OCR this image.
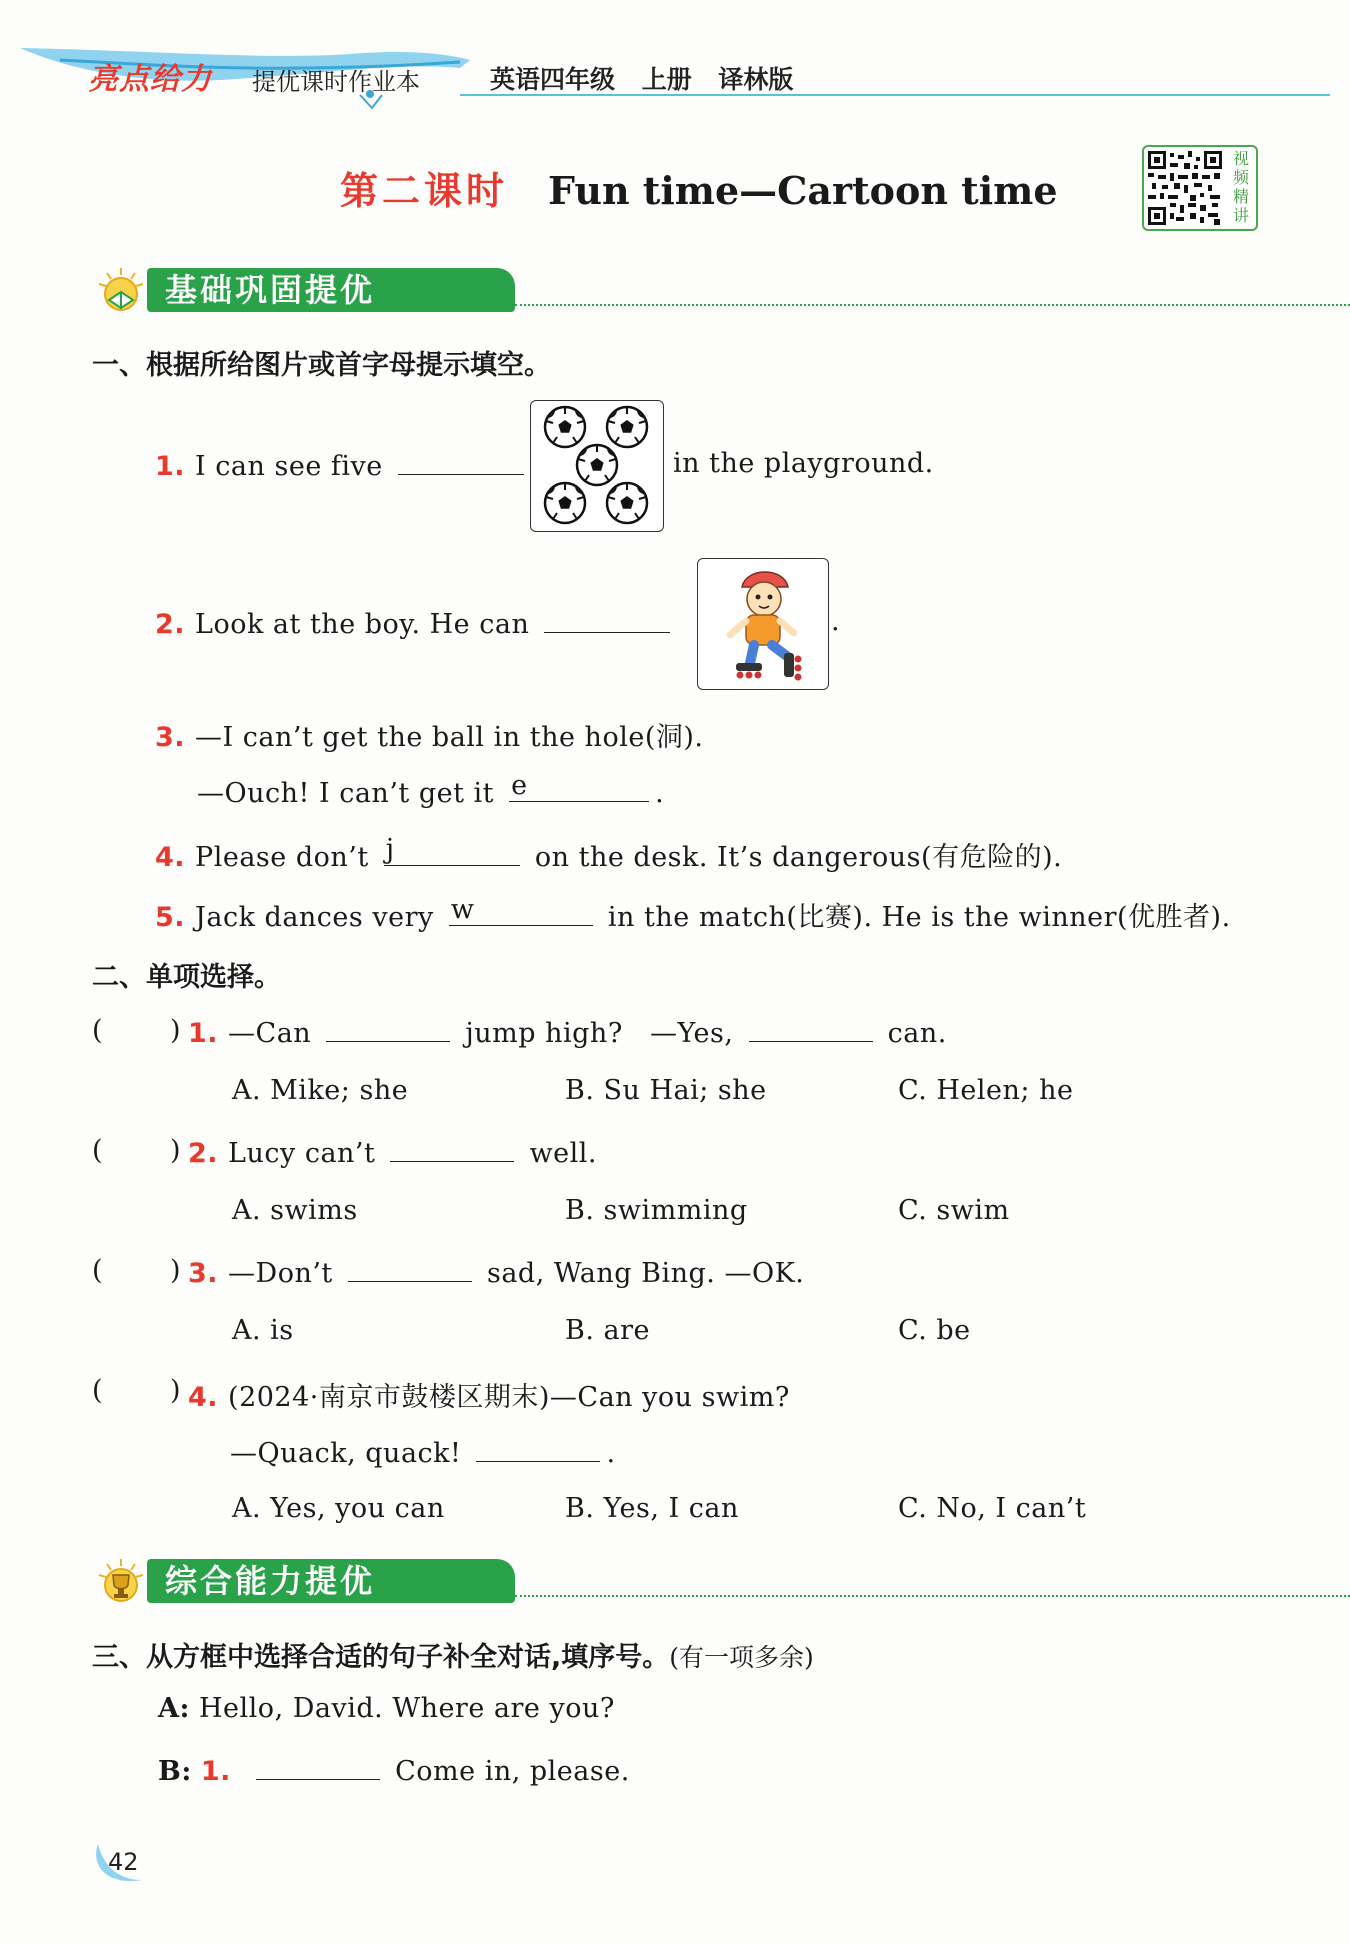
亮点给力 提优课时作业本	英语四年级 上册 译林版
第二课时 Fun time—Cartoon time
视
频
精
讲
基础巩固提优
一、根据所给图片或首字母提示填空。
1. I can see five	in the playground.
2. Look at the boy. He can	.
3. —I can’t get the ball in the hole(洞).
—Ouch! I can’t get it e	.
4. Please don’t j	on the desk. It’s dangerous(有危险的).
5. Jack dances very w	in the match(比赛). He is the winner(优胜者).
二、单项选择。
( ) 1. —Can	jump high? —Yes,	can.
A. Mike; she	B. Su Hai; she	C. Helen; he
( ) 2. Lucy can’t	well.
A. swims	B. swimming	C. swim
( ) 3. —Don’t	sad, Wang Bing. —OK.
A. is	B. are	C. be
( ) 4. (2024·南京市鼓楼区期末)—Can you swim?
—Quack, quack!	.
A. Yes, you can	B. Yes, I can	C. No, I can’t
综合能力提优
三、从方框中选择合适的句子补全对话,填序号。(有一项多余)
A: Hello, David. Where are you?
B: 1.	Come in, please.
42
